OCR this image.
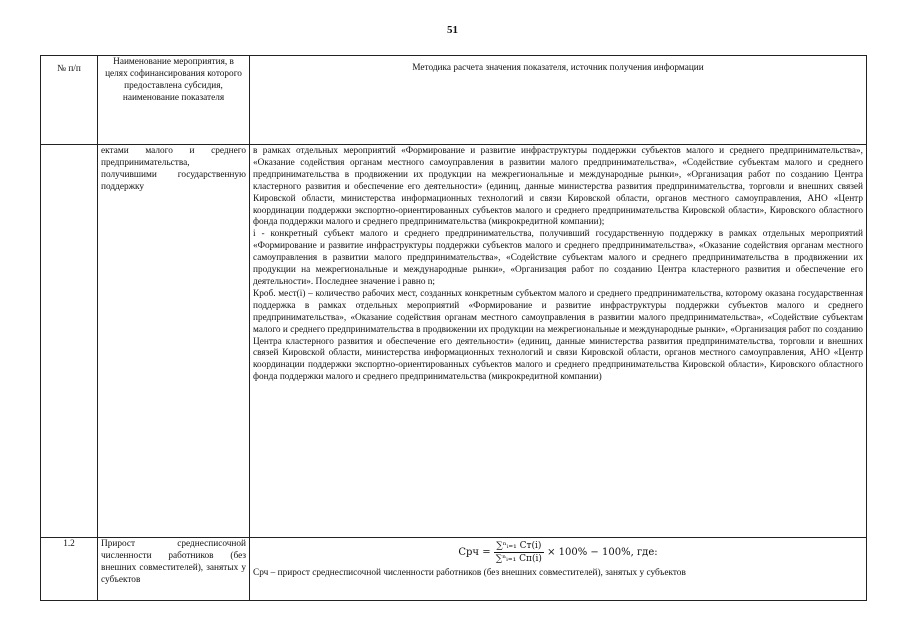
51
№ п/п	Наименование мероприятия, в целях софинансирования которого предоставлена субсидия, наименование показателя	Методика расчета значения показателя, источник получения информации
	ектами малого и среднего предпринимательства, получившими государственную поддержку	в рамках отдельных мероприятий «Формирование и развитие инфраструктуры поддержки субъектов малого и среднего предпринимательства», «Оказание содействия органам местного самоуправления в развитии малого предпринимательства», «Содействие субъектам малого и среднего предпринимательства в продвижении их продукции на межрегиональные и международные рынки», «Организация работ по созданию Центра кластерного развития и обеспечение его деятельности» (единиц, данные министерства развития предпринимательства, торговли и внешних связей Кировской области, министерства информационных технологий и связи Кировской области, органов местного самоуправления, АНО «Центр координации поддержки экспортно-ориентированных субъектов малого и среднего предпринимательства Кировской области», Кировского областного фонда поддержки малого и среднего предпринимательства (микрокредитной компании);
i - конкретный субъект малого и среднего предпринимательства, получивший государственную поддержку в рамках отдельных мероприятий «Формирование и развитие инфраструктуры поддержки субъектов малого и среднего предпринимательства», «Оказание содействия органам местного самоуправления в развитии малого предпринимательства», «Содействие субъектам малого и среднего предпринимательства в продвижении их продукции на межрегиональные и международные рынки», «Организация работ по созданию Центра кластерного развития и обеспечение его деятельности». Последнее значение i равно n;
Кроб. мест(i) – количество рабочих мест, созданных конкретным субъектом малого и среднего предпринимательства, которому оказана государственная поддержка в рамках отдельных мероприятий «Формирование и развитие инфраструктуры поддержки субъектов малого и среднего предпринимательства», «Оказание содействия органам местного самоуправления в развитии малого предпринимательства», «Содействие субъектам малого и среднего предпринимательства в продвижении их продукции на межрегиональные и международные рынки», «Организация работ по созданию Центра кластерного развития и обеспечение его деятельности» (единиц, данные министерства развития предпринимательства, торговли и внешних связей Кировской области, министерства информационных технологий и связи Кировской области, органов местного самоуправления, АНО «Центр координации поддержки экспортно-ориентированных субъектов малого и среднего предпринимательства Кировской области», Кировского областного фонда поддержки малого и среднего предпринимательства (микрокредитной компании)

1.2	Прирост среднесписочной численности работников (без внешних совместителей), занятых у субъектов	Срч = $\frac{\text{∑ⁿᵢ₌₁ Cт(i)}}{\text{∑ⁿᵢ₌₁ Cп(i)}} \times 100\% - 100\%$, где:
Срч – прирост среднесписочной численности работников (без внешних совместителей), занятых у субъектов
